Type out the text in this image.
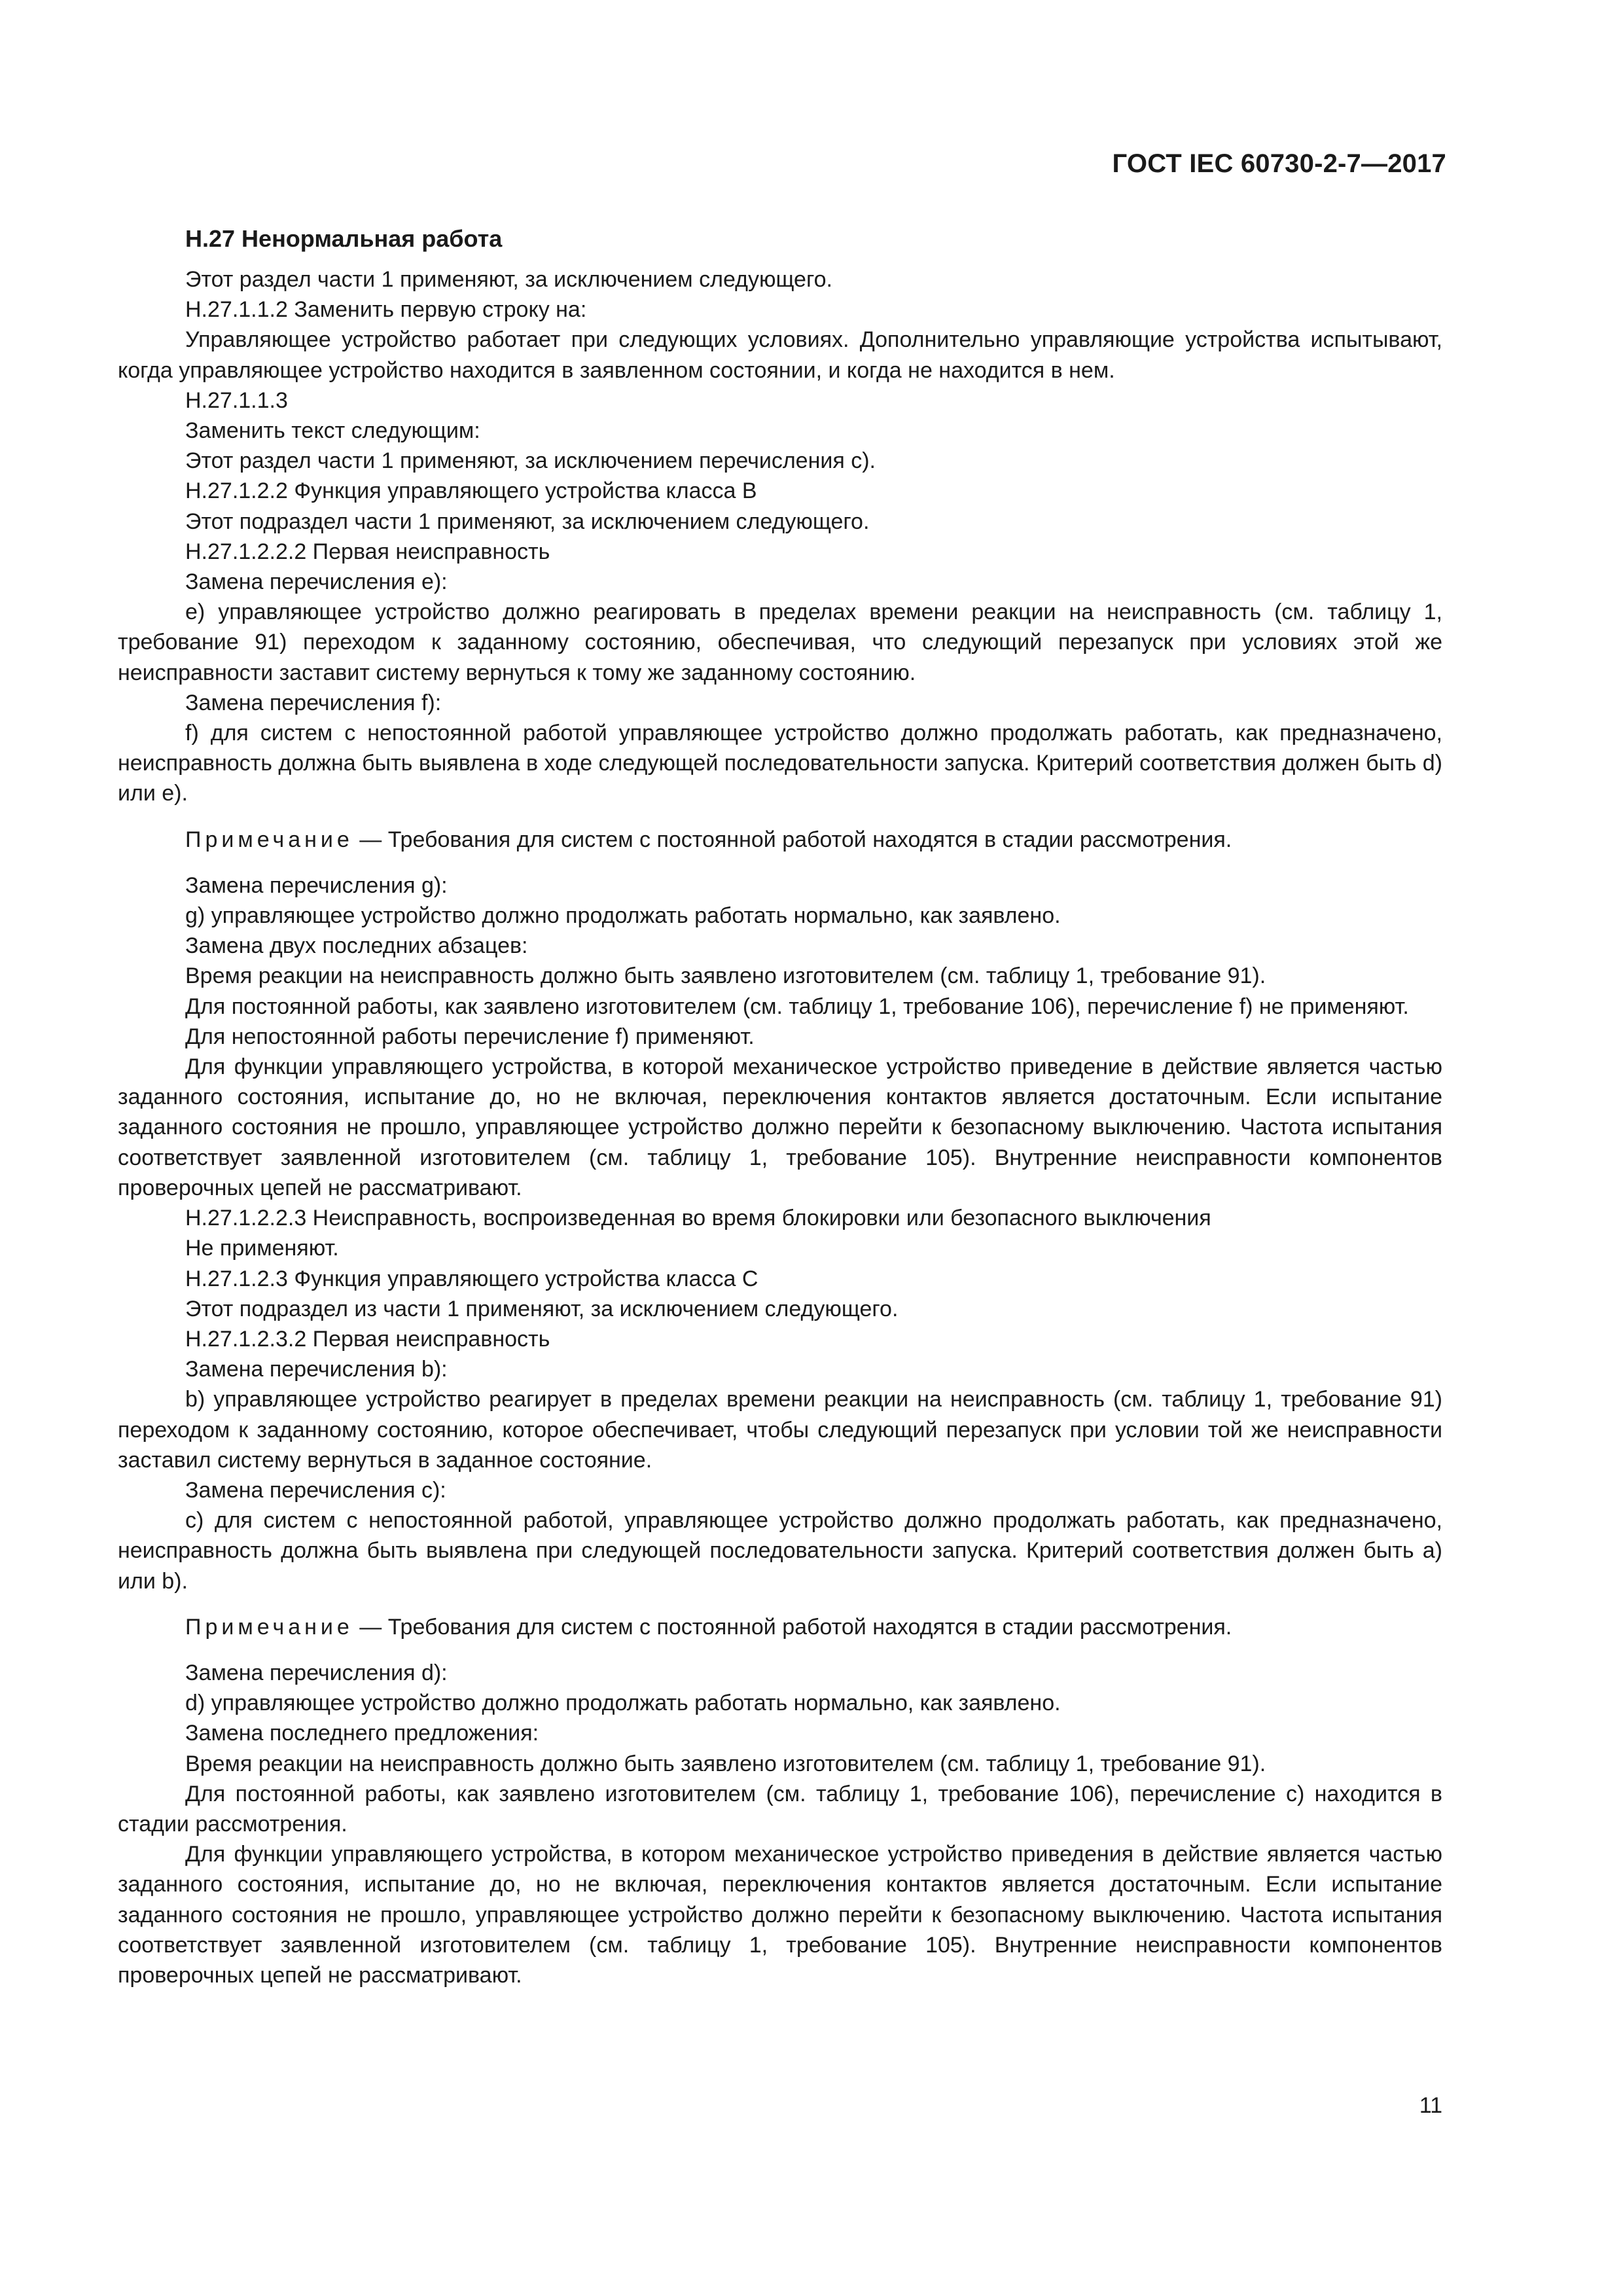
ГОСТ IEC 60730-2-7—2017
H.27 Ненормальная работа

Этот раздел части 1 применяют, за исключением следующего.

H.27.1.1.2 Заменить первую строку на:

Управляющее устройство работает при следующих условиях. Дополнительно управляющие устройства испытывают, когда управляющее устройство находится в заявленном состоянии, и когда не находится в нем.

H.27.1.1.3

Заменить текст следующим:

Этот раздел части 1 применяют, за исключением перечисления c).

H.27.1.2.2 Функция управляющего устройства класса B

Этот подраздел части 1 применяют, за исключением следующего.

H.27.1.2.2.2 Первая неисправность

Замена перечисления e):

e) управляющее устройство должно реагировать в пределах времени реакции на неисправность (см. таблицу 1, требование 91) переходом к заданному состоянию, обеспечивая, что следующий перезапуск при условиях этой же неисправности заставит систему вернуться к тому же заданному состоянию.

Замена перечисления f):

f) для систем с непостоянной работой управляющее устройство должно продолжать работать, как предназначено, неисправность должна быть выявлена в ходе следующей последовательности запуска. Критерий соответствия должен быть d) или e).

Примечание — Требования для систем с постоянной работой находятся в стадии рассмотрения.

Замена перечисления g):

g) управляющее устройство должно продолжать работать нормально, как заявлено.

Замена двух последних абзацев:

Время реакции на неисправность должно быть заявлено изготовителем (см. таблицу 1, требование 91).

Для постоянной работы, как заявлено изготовителем (см. таблицу 1, требование 106), перечисление f) не применяют.

Для непостоянной работы перечисление f) применяют.

Для функции управляющего устройства, в которой механическое устройство приведение в действие является частью заданного состояния, испытание до, но не включая, переключения контактов является достаточным. Если испытание заданного состояния не прошло, управляющее устройство должно перейти к безопасному выключению. Частота испытания соответствует заявленной изготовителем (см. таблицу 1, требование 105). Внутренние неисправности компонентов проверочных цепей не рассматривают.

H.27.1.2.2.3 Неисправность, воспроизведенная во время блокировки или безопасного выключения

Не применяют.

H.27.1.2.3 Функция управляющего устройства класса C

Этот подраздел из части 1 применяют, за исключением следующего.

H.27.1.2.3.2 Первая неисправность

Замена перечисления b):

b) управляющее устройство реагирует в пределах времени реакции на неисправность (см. таблицу 1, требование 91) переходом к заданному состоянию, которое обеспечивает, чтобы следующий перезапуск при условии той же неисправности заставил систему вернуться в заданное состояние.

Замена перечисления c):

c) для систем с непостоянной работой, управляющее устройство должно продолжать работать, как предназначено, неисправность должна быть выявлена при следующей последовательности запуска. Критерий соответствия должен быть a) или b).

Примечание — Требования для систем с постоянной работой находятся в стадии рассмотрения.

Замена перечисления d):

d) управляющее устройство должно продолжать работать нормально, как заявлено.

Замена последнего предложения:

Время реакции на неисправность должно быть заявлено изготовителем (см. таблицу 1, требование 91).

Для постоянной работы, как заявлено изготовителем (см. таблицу 1, требование 106), перечисление c) находится в стадии рассмотрения.

Для функции управляющего устройства, в котором механическое устройство приведения в действие является частью заданного состояния, испытание до, но не включая, переключения контактов является достаточным. Если испытание заданного состояния не прошло, управляющее устройство должно перейти к безопасному выключению. Частота испытания соответствует заявленной изготовителем (см. таблицу 1, требование 105). Внутренние неисправности компонентов проверочных цепей не рассматривают.

11
